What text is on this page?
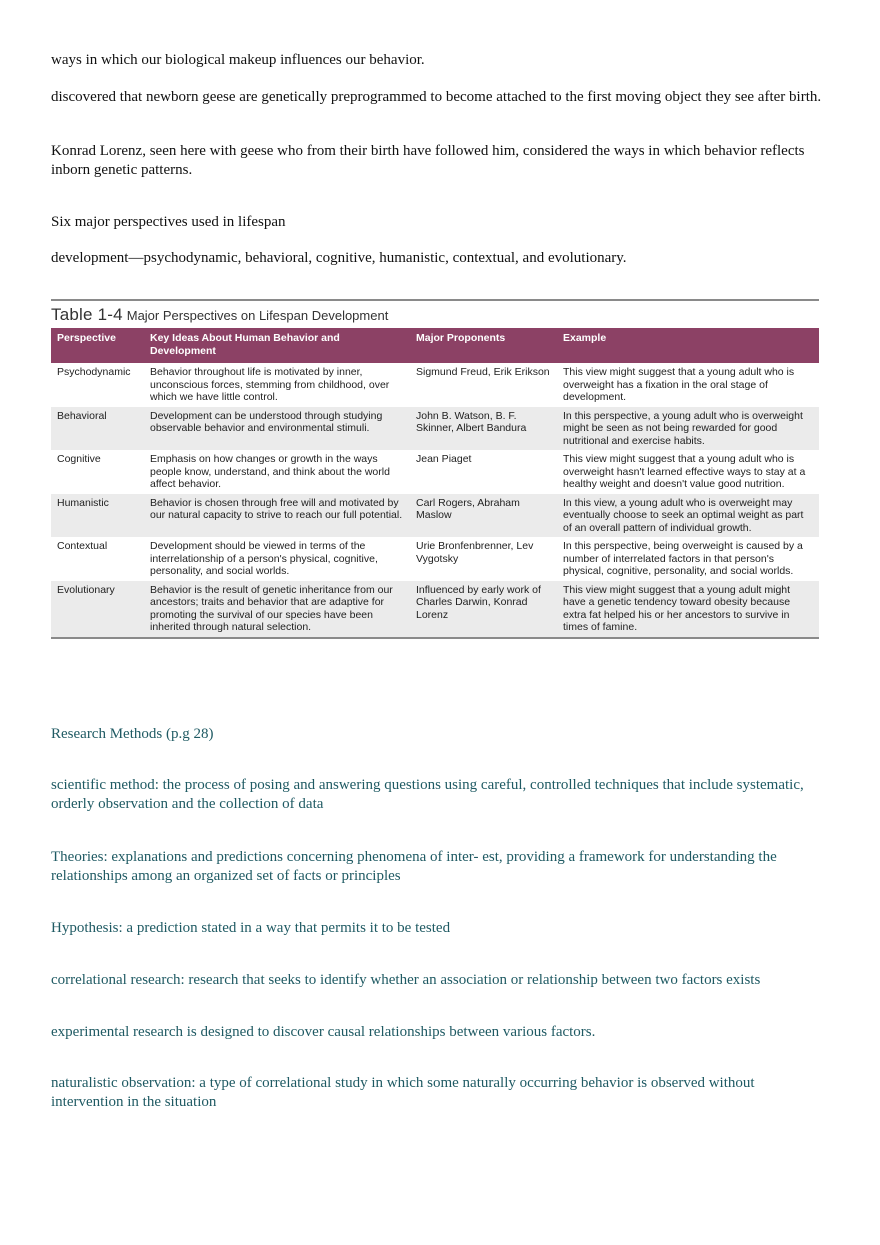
ways in which our biological makeup influences our behavior.

discovered that newborn geese are genetically preprogrammed to become attached to the first moving object they see after birth.

Konrad Lorenz, seen here with geese who from their birth have followed him, considered the ways in which behavior reflects inborn genetic patterns.

Six major perspectives used in lifespan

development—psychodynamic, behavioral, cognitive, humanistic, contextual, and evolutionary.

Table 1-4 Major Perspectives on Lifespan Development
Perspective	Key Ideas About Human Behavior and Development	Major Proponents	Example
Psychodynamic	Behavior throughout life is motivated by inner, unconscious forces, stemming from childhood, over which we have little control.	Sigmund Freud, Erik Erikson	This view might suggest that a young adult who is overweight has a fixation in the oral stage of development.
Behavioral	Development can be understood through studying observable behavior and environmental stimuli.	John B. Watson, B. F. Skinner, Albert Bandura	In this perspective, a young adult who is overweight might be seen as not being rewarded for good nutritional and exercise habits.
Cognitive	Emphasis on how changes or growth in the ways people know, understand, and think about the world affect behavior.	Jean Piaget	This view might suggest that a young adult who is overweight hasn't learned effective ways to stay at a healthy weight and doesn't value good nutrition.
Humanistic	Behavior is chosen through free will and motivated by our natural capacity to strive to reach our full potential.	Carl Rogers, Abraham Maslow	In this view, a young adult who is overweight may eventually choose to seek an optimal weight as part of an overall pattern of individual growth.
Contextual	Development should be viewed in terms of the interrelationship of a person's physical, cognitive, personality, and social worlds.	Urie Bronfenbrenner, Lev Vygotsky	In this perspective, being overweight is caused by a number of interrelated factors in that person's physical, cognitive, personality, and social worlds.
Evolutionary	Behavior is the result of genetic inheritance from our ancestors; traits and behavior that are adaptive for promoting the survival of our species have been inherited through natural selection.	Influenced by early work of Charles Darwin, Konrad Lorenz	This view might suggest that a young adult might have a genetic tendency toward obesity because extra fat helped his or her ancestors to survive in times of famine.

Research Methods (p.g 28)

scientific method: the process of posing and answering questions using careful, controlled techniques that include systematic, orderly observation and the collection of data

Theories: explanations and predictions concerning phenomena of inter- est, providing a framework for understanding the relationships among an organized set of facts or principles

Hypothesis: a prediction stated in a way that permits it to be tested

correlational research: research that seeks to identify whether an association or relationship between two factors exists

experimental research is designed to discover causal relationships between various factors.

naturalistic observation: a type of correlational study in which some naturally occurring behavior is observed without intervention in the situation
